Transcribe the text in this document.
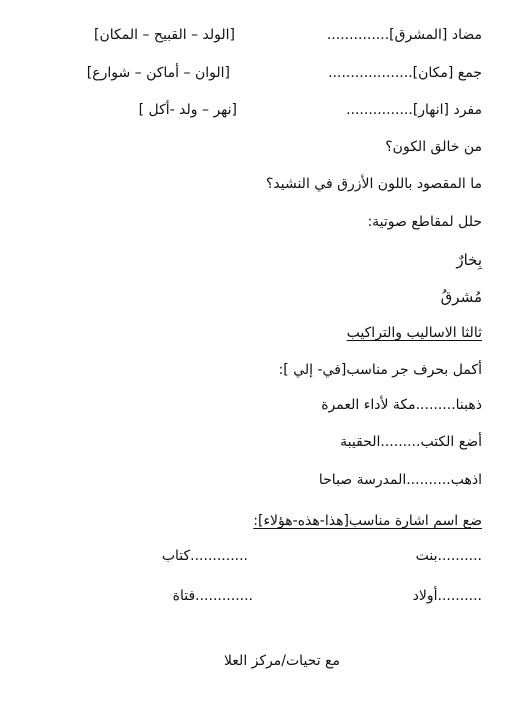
مضاد [المشرق]..............
[الولد – القبيح – المكان]
جمع [مكان]...................
[الوان – أماكن – شوارع]
مفرد [انهار]...............
[نهر – ولد -أكل ]
من خالق الكون؟
ما المقصود باللون الأزرق في النشيد؟
حلل لمقاطع صوتية:
بِخارٌ
مُشرقُ
ثالثا الاساليب والتراكيب
أكمل بحرف جر مناسب[في- إلي ]:
ذهبنا.........مكة لأداء العمرة
أضع الكتب.........الحقيبة
اذهب..........المدرسة صباحا
ضع اسم اشارة مناسب[هذا-هذه-هؤلاء]:
..........بنت
.............كتاب
..........أولاد
.............فتاة
مع تحيات/مركز العلا
